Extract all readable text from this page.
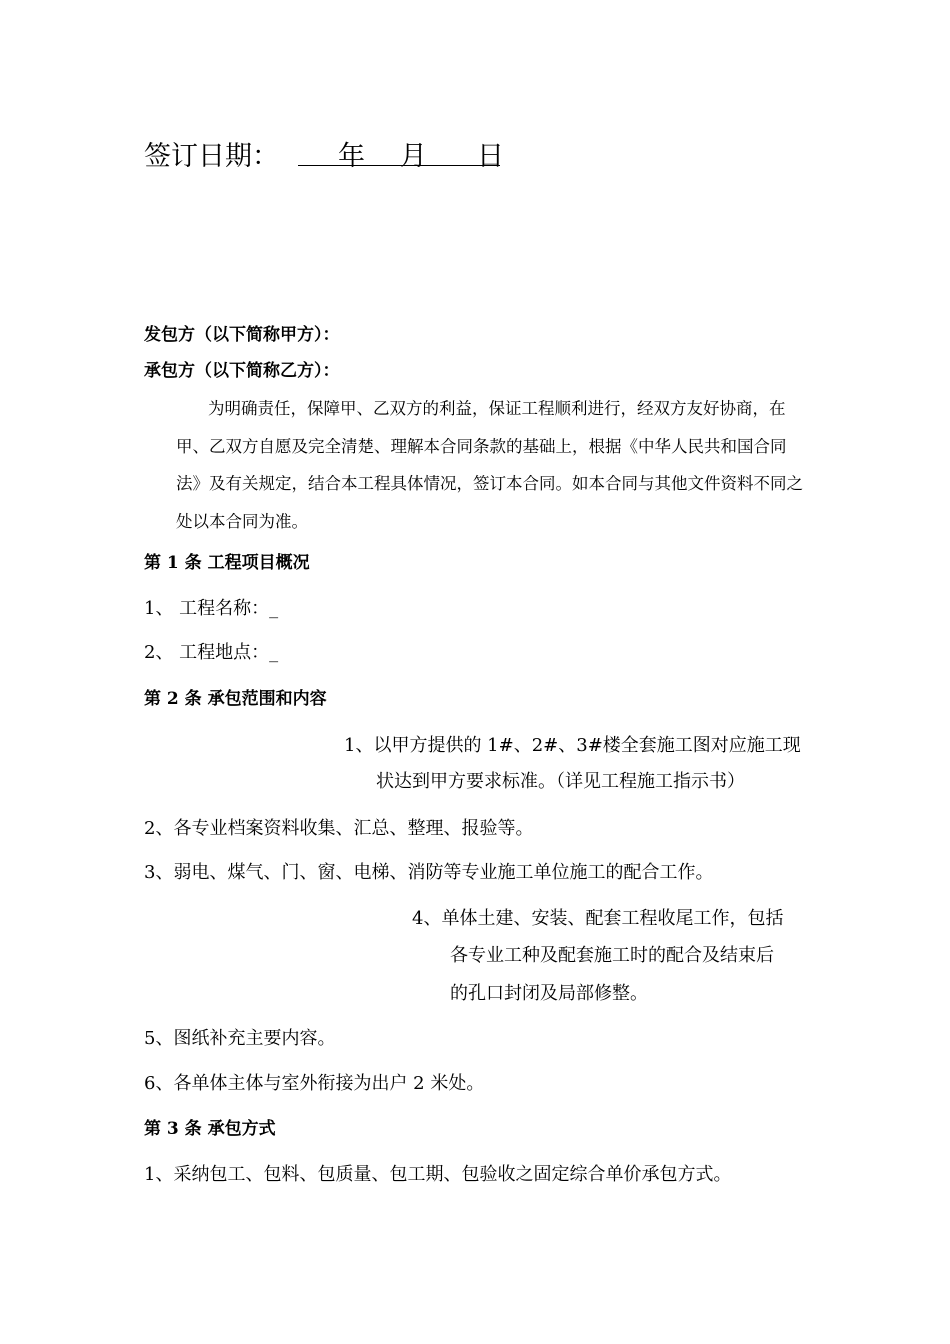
签订日期： 年 月 日
发包方（以下简称甲方）：
承包方（以下简称乙方）：
为明确责任，保障甲、乙双方的利益，保证工程顺利进行，经双方友好协商，在甲、乙双方自愿及完全清楚、理解本合同条款的基础上，根据《中华人民共和国合同法》及有关规定，结合本工程具体情况，签订本合同。如本合同与其他文件资料不同之处以本合同为准。
第 1 条 工程项目概况
1、 工程名称：_
2、 工程地点：_
第 2 条 承包范围和内容
1、以甲方提供的 1#、2#、3#楼全套施工图对应施工现
状达到甲方要求标准。（详见工程施工指示书）
2、各专业档案资料收集、汇总、整理、报验等。
3、弱电、煤气、门、窗、电梯、消防等专业施工单位施工的配合工作。
4、单体土建、安装、配套工程收尾工作，包括
各专业工种及配套施工时的配合及结束后
的孔口封闭及局部修整。
5、图纸补充主要内容。
6、各单体主体与室外衔接为出户 2 米处。
第 3 条 承包方式
1、采纳包工、包料、包质量、包工期、包验收之固定综合单价承包方式。
